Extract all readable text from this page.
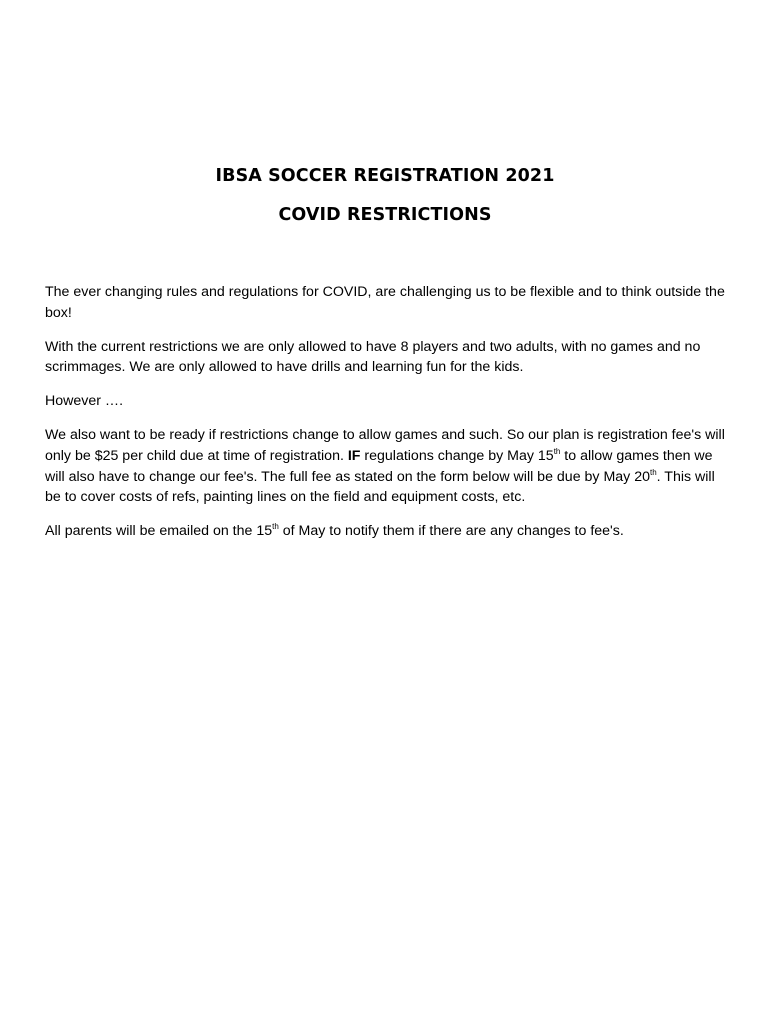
IBSA SOCCER REGISTRATION 2021
COVID RESTRICTIONS

The ever changing rules and regulations for COVID, are challenging us to be flexible and to think outside the box!

With the current restrictions we are only allowed to have 8 players and two adults, with no games and no scrimmages. We are only allowed to have drills and learning fun for the kids.

However ….

We also want to be ready if restrictions change to allow games and such. So our plan is registration fee's will only be $25 per child due at time of registration. IF regulations change by May 15th to allow games then we will also have to change our fee's. The full fee as stated on the form below will be due by May 20th. This will be to cover costs of refs, painting lines on the field and equipment costs, etc.

All parents will be emailed on the 15th of May to notify them if there are any changes to fee's.
